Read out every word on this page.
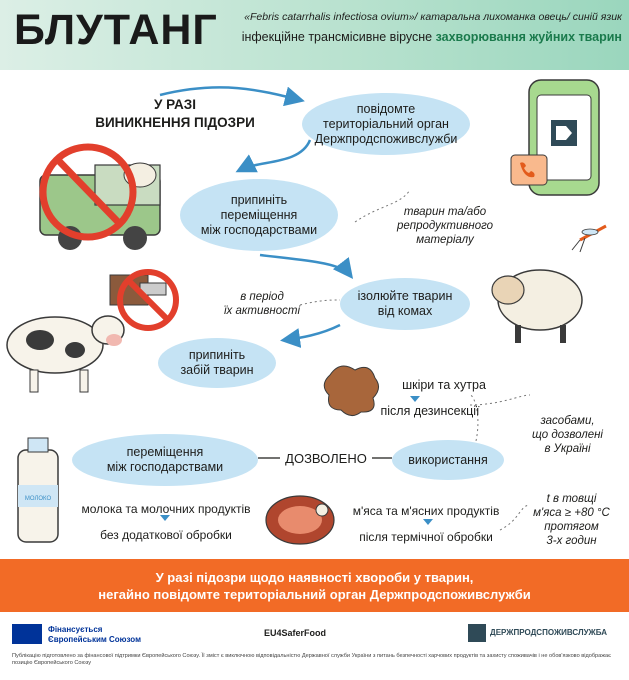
БЛУТАНГ	«Febris catarrhalis infectiosa ovium»/ катаральна лихоманка овець/ синій язик
інфекційне трансмісивне вірусне захворювання жуйних тварин
У РАЗІ
ВИНИКНЕННЯ ПІДОЗРИ
повідомте
територіальний орган
Держпродспоживслужби
припиніть
переміщення
між господарствами
тварин та/або
репродуктивного
матеріалу
в період
їх активності
ізолюйте тварин
від комах
припиніть
забій тварин
шкіри та хутра
після дезинсекції
засобами,
що дозволені
в Україні
переміщення
між господарствами
ДОЗВОЛЕНО	використання
молока та молочних продуктів
без додаткової обробки
м'яса та м'ясних продуктів
після термічної обробки
t в товщі
м'яса ≥ +80 °С
протягом
3-х годин
МОЛОКО
У разі підозри щодо наявності хвороби у тварин,
негайно повідомте територіальний орган Держпродспоживслужби
Фінансується
Європейським Союзом
EU4SaferFood	ДЕРЖПРОДСПОЖИВСЛУЖБА
Публікацію підготовлено за фінансової підтримки Європейського Союзу. Її зміст є виключною відповідальністю Державної служби України з питань безпечності харчових продуктів та захисту споживачів і не обов'язково відображає позицію Європейського Союзу
